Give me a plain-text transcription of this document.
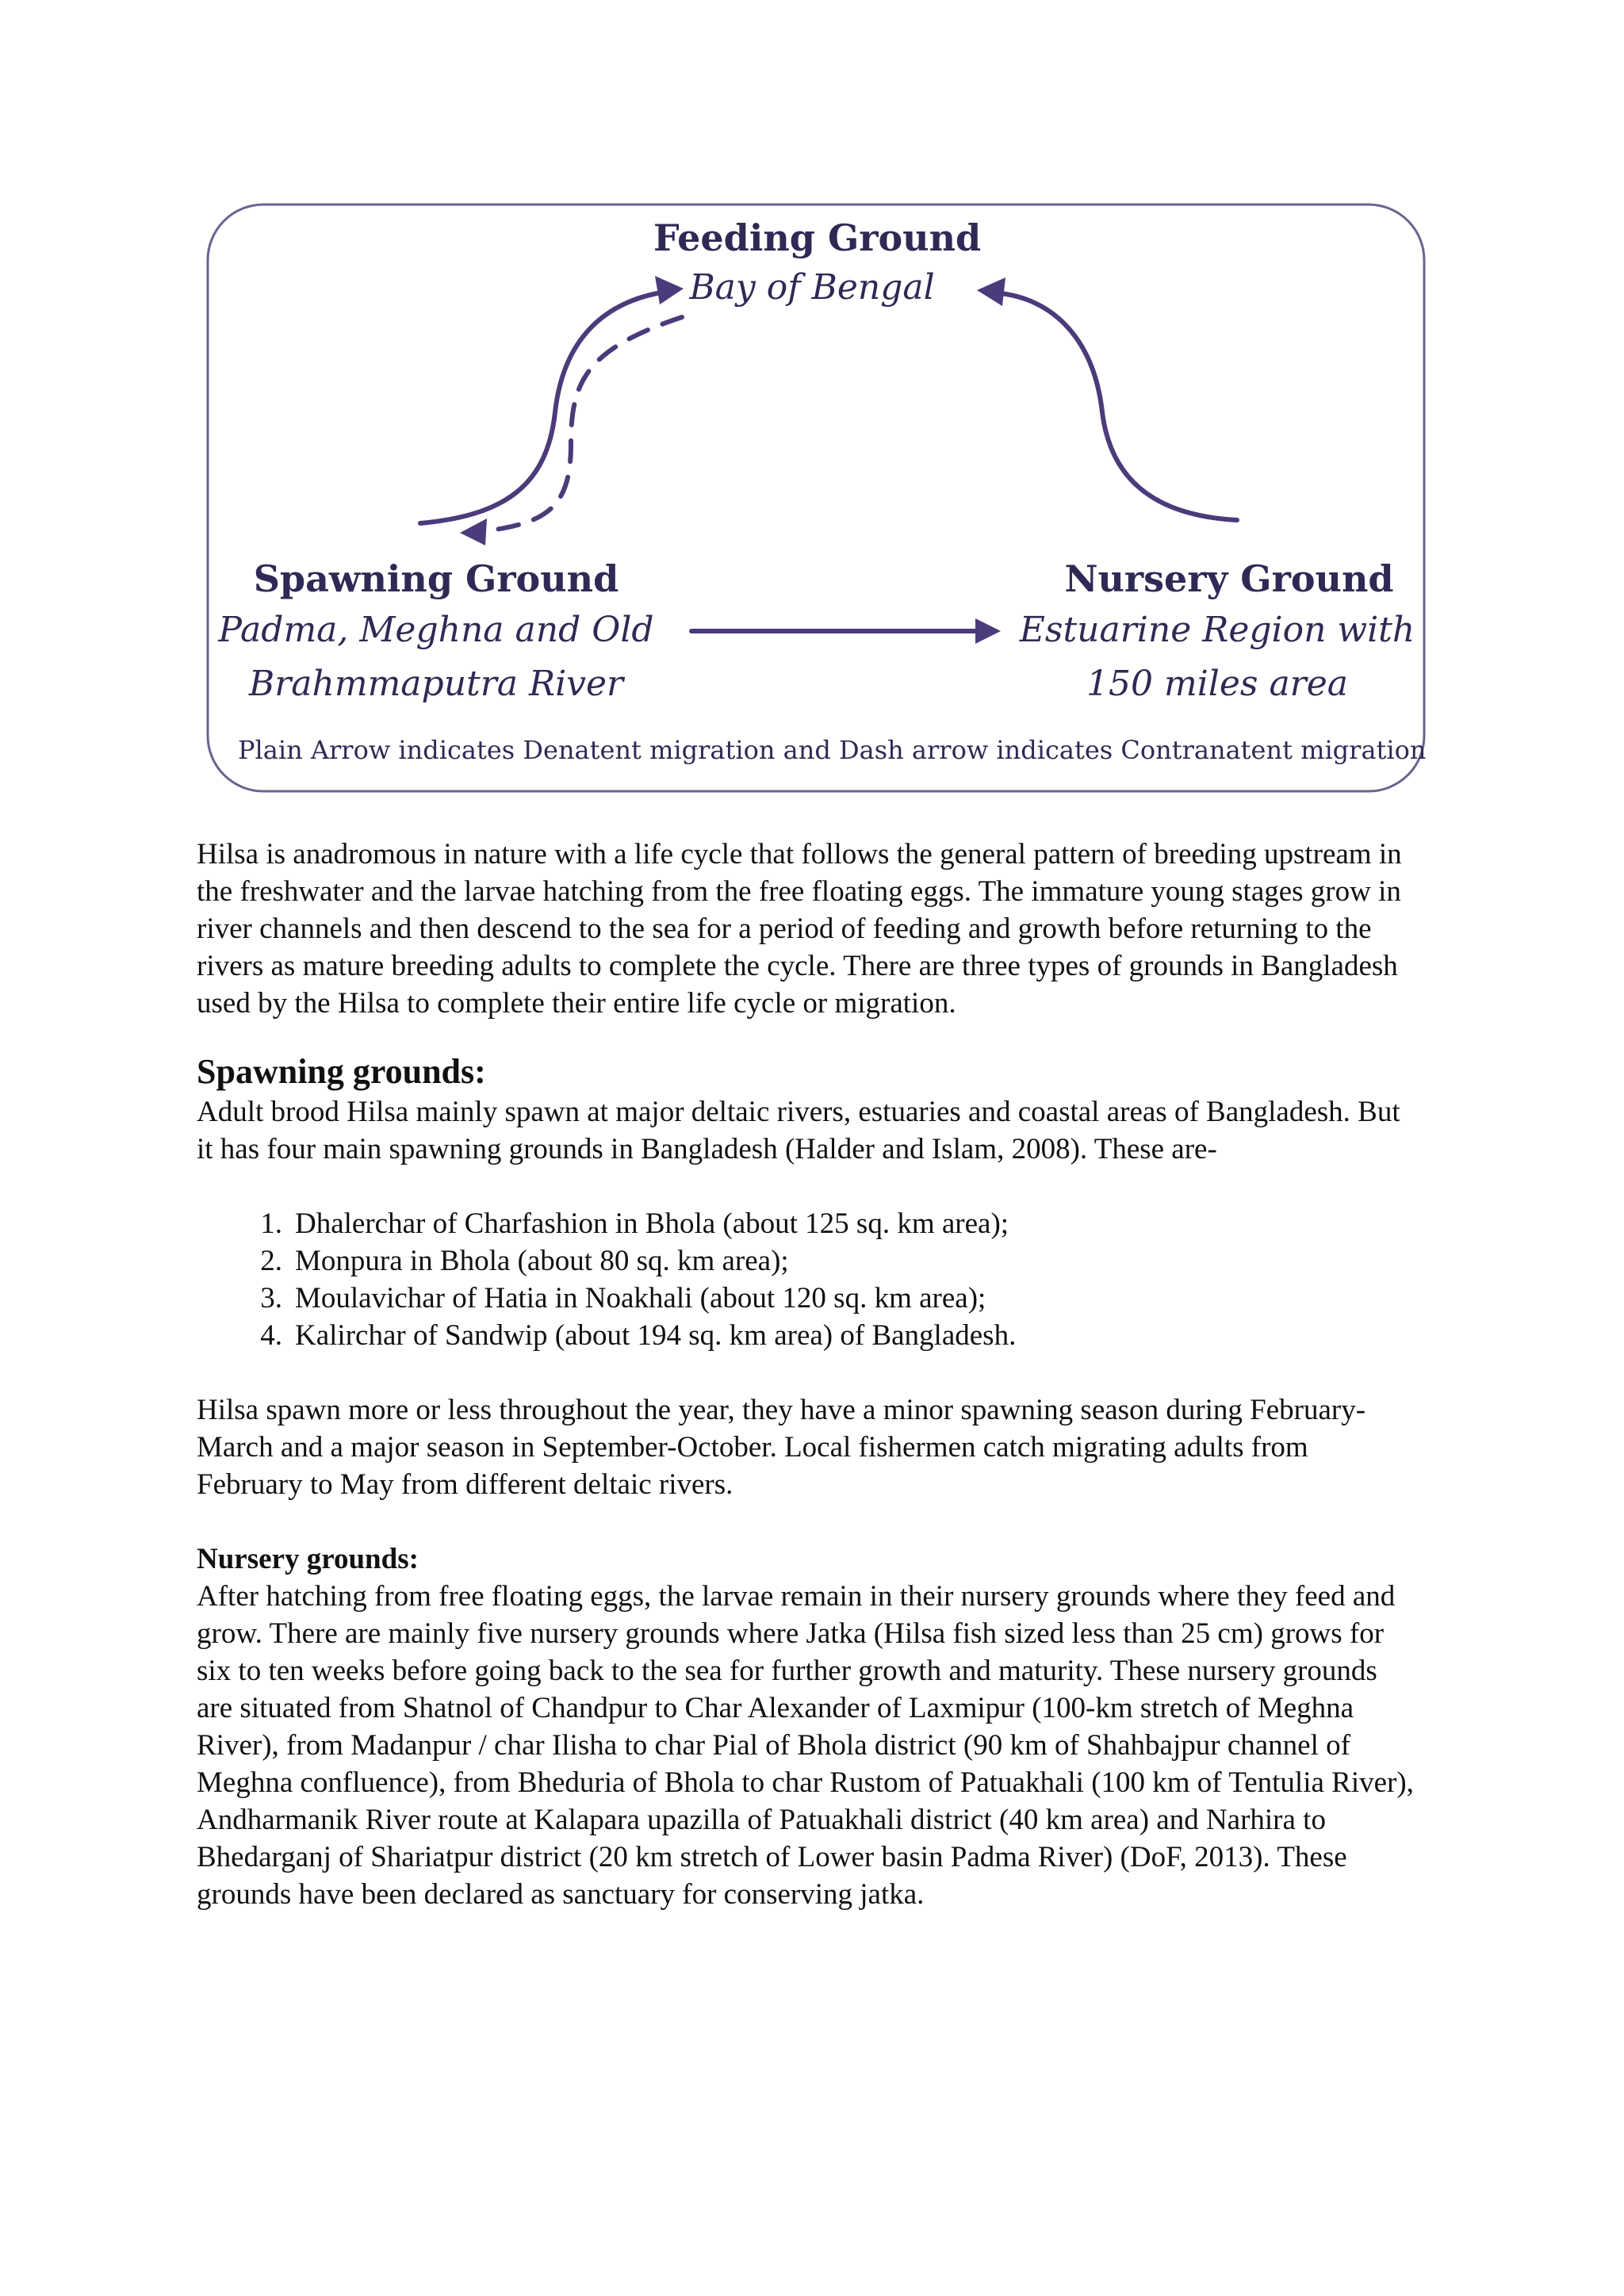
Feeding Ground
Bay of Bengal
Spawning Ground
Padma, Meghna and Old
Brahmmaputra River
Nursery Ground
Estuarine Region with
150 miles area
Plain Arrow indicates Denatent migration and Dash arrow indicates Contranatent migration

Hilsa is anadromous in nature with a life cycle that follows the general pattern of breeding upstream in the freshwater and the larvae hatching from the free floating eggs. The immature young stages grow in river channels and then descend to the sea for a period of feeding and growth before returning to the rivers as mature breeding adults to complete the cycle. There are three types of grounds in Bangladesh used by the Hilsa to complete their entire life cycle or migration.

Spawning grounds:

Adult brood Hilsa mainly spawn at major deltaic rivers, estuaries and coastal areas of Bangladesh. But it has four main spawning grounds in Bangladesh (Halder and Islam, 2008). These are-

1. Dhalerchar of Charfashion in Bhola (about 125 sq. km area);
2. Monpura in Bhola (about 80 sq. km area);
3. Moulavichar of Hatia in Noakhali (about 120 sq. km area);
4. Kalirchar of Sandwip (about 194 sq. km area) of Bangladesh.

Hilsa spawn more or less throughout the year, they have a minor spawning season during February-March and a major season in September-October. Local fishermen catch migrating adults from February to May from different deltaic rivers.

Nursery grounds:

After hatching from free floating eggs, the larvae remain in their nursery grounds where they feed and grow. There are mainly five nursery grounds where Jatka (Hilsa fish sized less than 25 cm) grows for six to ten weeks before going back to the sea for further growth and maturity. These nursery grounds are situated from Shatnol of Chandpur to Char Alexander of Laxmipur (100-km stretch of Meghna River), from Madanpur / char Ilisha to char Pial of Bhola district (90 km of Shahbajpur channel of Meghna confluence), from Bheduria of Bhola to char Rustom of Patuakhali (100 km of Tentulia River), Andharmanik River route at Kalapara upazilla of Patuakhali district (40 km area) and Narhira to Bhedarganj of Shariatpur district (20 km stretch of Lower basin Padma River) (DoF, 2013). These grounds have been declared as sanctuary for conserving jatka.
